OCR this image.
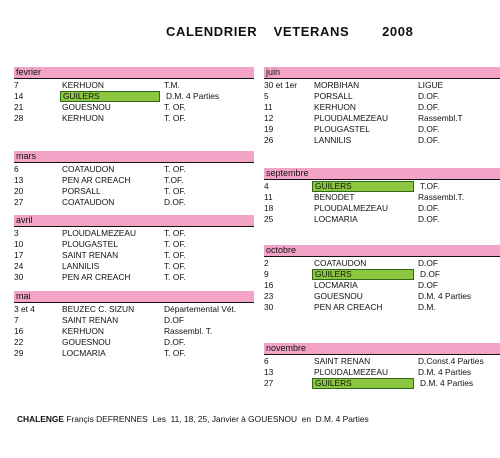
CALENDRIER  VETERANS    2008
fevrier
7	KERHUON	T.M.
14	GUILERS	D.M. 4 Parties
21	GOUESNOU	T. OF.
28	KERHUON	T. OF.
mars
6	COATAUDON	T. OF.
13	PEN AR CREACH	T.OF.
20	PORSALL	T. OF.
27	COATAUDON	D.OF.
avril
3	PLOUDALMEZEAU	T. OF.
10	PLOUGASTEL	T. OF.
17	SAINT RENAN	T. OF.
24	LANNILIS	T. OF.
30	PEN AR CREACH	T. OF.
mai
3 et 4	BEUZEC C. SIZUN	Départemental Vét.
7	SAINT RENAN	D.OF
16	KERHUON	Rassembl. T.
22	GOUESNOU	D.OF.
29	LOCMARIA	T. OF.
juin
30 et 1er	MORBIHAN	LIGUE
5	PORSALL	D.OF.
11	KERHUON	D.OF.
12	PLOUDALMEZEAU	Rassembl.T
19	PLOUGASTEL	D.OF.
26	LANNILIS	D.OF.
septembre
4	GUILERS	T.OF.
11	BENODET	Rassembl.T.
18	PLOUDALMEZEAU	D.OF.
25	LOCMARIA	D.OF.
octobre
2	COATAUDON	D.OF
9	GUILERS	D.OF
16	LOCMARIA	D.OF
23	GOUESNOU	D.M. 4 Parties
30	PEN AR CREACH	D.M.
novembre
6	SAINT RENAN	D.Const.4 Parties
13	PLOUDALMEZEAU	D.M. 4 Parties
27	GUILERS	D.M. 4 Parties
CHALENGE Françis DEFRENNES  Les  11, 18, 25, Janvier à GOUESNOU  en  D.M. 4 Parties
